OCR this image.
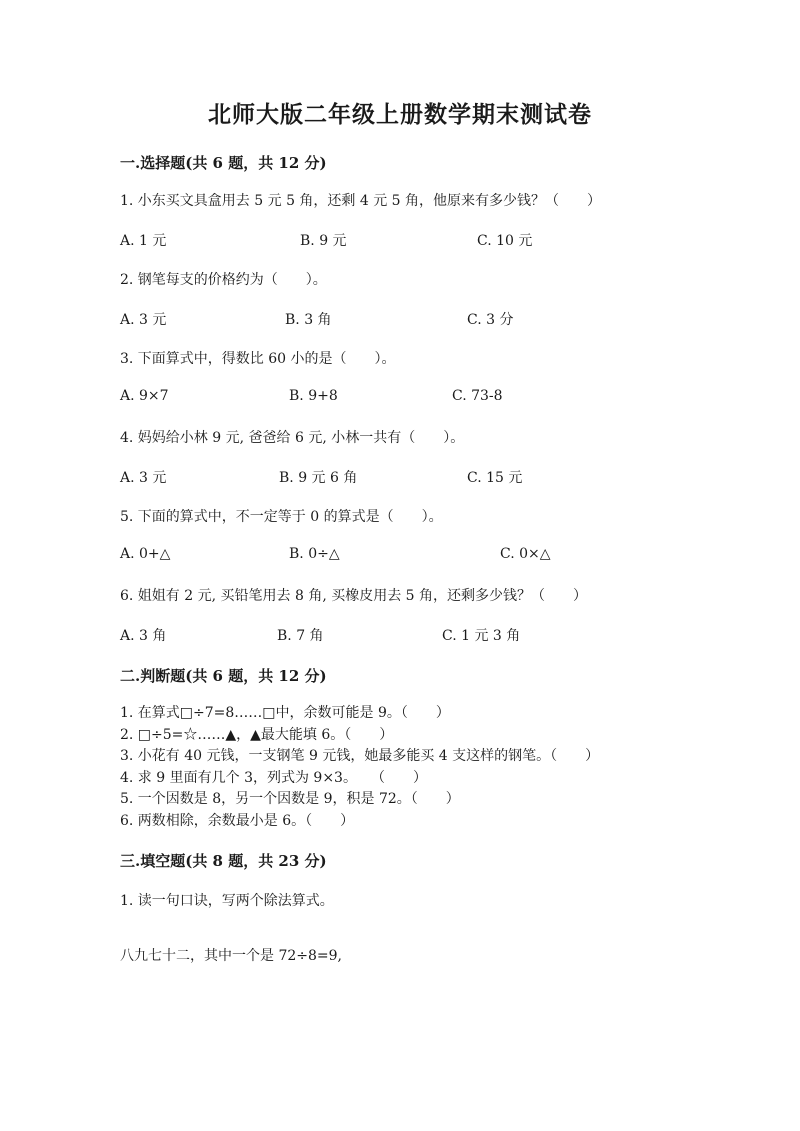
北师大版二年级上册数学期末测试卷
一.选择题(共 6 题，共 12 分)
1. 小东买文具盒用去 5 元 5 角，还剩 4 元 5 角，他原来有多少钱？（　　）
A. 1 元	B. 9 元	C. 10 元
2. 钢笔每支的价格约为（　　）。
A. 3 元	B. 3 角	C. 3 分
3. 下面算式中，得数比 60 小的是（　　）。
A. 9×7	B. 9+8	C. 73-8
4. 妈妈给小林 9 元, 爸爸给 6 元, 小林一共有（　　）。
A. 3 元	B. 9 元 6 角	C. 15 元
5. 下面的算式中，不一定等于 0 的算式是（　　）。
A. 0+△	B. 0÷△	C. 0×△
6. 姐姐有 2 元, 买铅笔用去 8 角, 买橡皮用去 5 角，还剩多少钱？（　　）
A. 3 角	B. 7 角	C. 1 元 3 角
二.判断题(共 6 题，共 12 分)
1. 在算式□÷7=8……□中，余数可能是 9。（　　）
2. □÷5=☆……▲，▲最大能填 6。（　　）
3. 小花有 40 元钱，一支钢笔 9 元钱，她最多能买 4 支这样的钢笔。（　　）
4. 求 9 里面有几个 3，列式为 9×3。　　（　　）
5. 一个因数是 8，另一个因数是 9，积是 72。（　　）
6. 两数相除，余数最小是 6。（　　）
三.填空题(共 8 题，共 23 分)
1. 读一句口诀，写两个除法算式。
八九七十二，其中一个是 72÷8=9,
